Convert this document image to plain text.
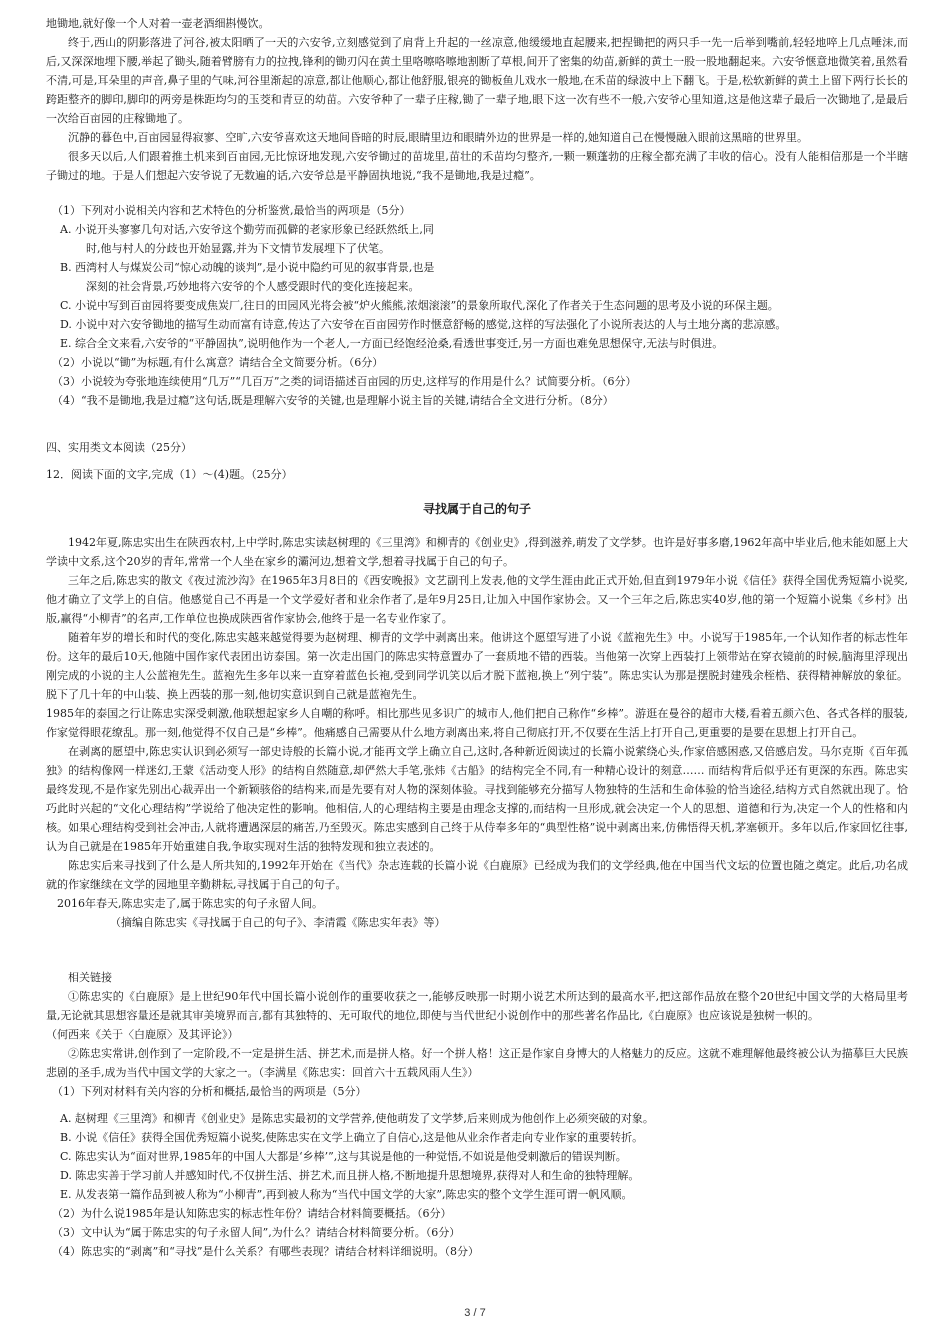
地锄地,就好像一个人对着一壶老酒细斟慢饮。

终于,西山的阴影落进了河谷,被太阳晒了一天的六安爷,立刻感觉到了肩背上升起的一丝凉意,他缓缓地直起腰来,把捏锄把的两只手一先一后举到嘴前,轻轻地啐上几点唾沫,而后,又深深地埋下腰,举起了锄头,随着臂膀有力的拉拽,锋利的锄刃闪在黄土里咯嚓咯嚓地割断了草根,间开了密集的幼苗,新鲜的黄土一股一股地翻起来。六安爷惬意地微笑着,虽然看不清,可是,耳朵里的声音,鼻子里的气味,河谷里渐起的凉意,都让他顺心,都让他舒服,银亮的锄板鱼儿戏水一般地,在禾苗的绿波中上下翻飞。于是,松软新鲜的黄土上留下两行长长的跨距整齐的脚印,脚印的两旁是株距均匀的玉茭和青豆的幼苗。六安爷种了一辈子庄稼,锄了一辈子地,眼下这一次有些不一般,六安爷心里知道,这是他这辈子最后一次锄地了,是最后一次给百亩园的庄稼锄地了。

沉静的暮色中,百亩园显得寂寥、空旷,六安爷喜欢这天地间昏暗的时辰,眼睛里边和眼睛外边的世界是一样的,她知道自己在慢慢融入眼前这黑暗的世界里。

很多天以后,人们跟着推土机来到百亩园,无比惊讶地发现,六安爷锄过的苗垅里,苗壮的禾苗均匀整齐,一颗一颗蓬勃的庄稼全都充满了丰收的信心。没有人能相信那是一个半瞎子锄过的地。于是人们想起六安爷说了无数遍的话,六安爷总是平静固执地说,“我不是锄地,我是过瘾”。

（1）下列对小说相关内容和艺术特色的分析鉴赏,最恰当的两项是（5分）

A. 小说开头寥寥几句对话,六安爷这个勤劳而孤僻的老家形象已经跃然纸上,同

时,他与村人的分歧也开始显露,并为下文情节发展埋下了伏笔。

B. 西湾村人与煤炭公司“惊心动魄的谈判”,是小说中隐约可见的叙事背景,也是

深刻的社会背景,巧妙地将六安爷的个人感受跟时代的变化连接起来。

C. 小说中写到百亩园将要变成焦炭厂,往日的田园风光将会被“炉火熊熊,浓烟滚滚”的景象所取代,深化了作者关于生态问题的思考及小说的环保主题。

D. 小说中对六安爷锄地的描写生动而富有诗意,传达了六安爷在百亩园劳作时惬意舒畅的感觉,这样的写法强化了小说所表达的人与土地分离的悲凉感。

E. 综合全文来看,六安爷的“平静固执”,说明他作为一个老人,一方面已经饱经沧桑,看透世事变迁,另一方面也难免思想保守,无法与时俱进。

（2）小说以“锄”为标题,有什么寓意？请结合全文简要分析。（6分）

（3）小说较为夸张地连续使用“几万”“几百万”之类的词语描述百亩园的历史,这样写的作用是什么？试简要分析。（6分）

（4）“我不是锄地,我是过瘾”这句话,既是理解六安爷的关键,也是理解小说主旨的关键,请结合全文进行分析。（8分）

四、实用类文本阅读（25分）

12．阅读下面的文字,完成（1）～(4)题。（25分）

寻找属于自己的句子

1942年夏,陈忠实出生在陕西农村,上中学时,陈忠实读赵树理的《三里湾》和柳青的《创业史》,得到滋养,萌发了文学梦。也许是好事多磨,1962年高中毕业后,他未能如愿上大学读中文系,这个20岁的青年,常常一个人坐在家乡的灞河边,想着文学,想着寻找属于自己的句子。

三年之后,陈忠实的散文《夜过流沙沟》在1965年3月8日的《西安晚报》文艺副刊上发表,他的文学生涯由此正式开始,但直到1979年小说《信任》获得全国优秀短篇小说奖,他才确立了文学上的自信。他感觉自己不再是一个文学爱好者和业余作者了,是年9月25日,让加入中国作家协会。又一个三年之后,陈忠实40岁,他的第一个短篇小说集《乡村》出版,赢得“小柳青”的名声,工作单位也换成陕西省作家协会,他终于是一名专业作家了。

随着年岁的增长和时代的变化,陈忠实越来越觉得要为赵树理、柳青的文学中剥离出来。他讲这个愿望写进了小说《蓝袍先生》中。小说写于1985年,一个认知作者的标志性年份。这年的最后10天,他随中国作家代表团出访泰国。第一次走出国门的陈忠实特意置办了一套质地不错的西装。当他第一次穿上西装打上领带站在穿衣镜前的时候,脑海里浮现出刚完成的小说的主人公蓝袍先生。蓝袍先生多年以来一直穿着蓝色长袍,受到同学讥笑以后才脱下蓝袍,换上“列宁装”。陈忠实认为那是摆脱封建残余桎梏、获得精神解放的象征。脱下了几十年的中山装、换上西装的那一刻,他切实意识到自己就是蓝袍先生。

1985年的泰国之行让陈忠实深受刺激,他联想起家乡人自嘲的称呼。相比那些见多识广的城市人,他们把自己称作“乡棒”。游逛在曼谷的超市大楼,看着五颜六色、各式各样的服装,作家觉得眼花缭乱。那一刻,他觉得不仅自己是“乡棒”。他痛感自己需要从什么地方剥离出来,将自己彻底打开,不仅要在生活上打开自己,更重要的是要在思想上打开自己。

在剥离的愿望中,陈忠实认识到必须写一部史诗般的长篇小说,才能再文学上确立自己,这时,各种新近阅读过的长篇小说萦绕心头,作家倍感困惑,又倍感启发。马尔克斯《百年孤独》的结构像网一样迷幻,王蒙《活动变人形》的结构自然随意,却俨然大手笔,张炜《古船》的结构完全不同,有一种精心设计的刻意…… 而结构背后似乎还有更深的东西。陈忠实最终发现,不是作家先别出心裁弄出一个新颖骇俗的结构来,而是先要有对人物的深刻体验。寻找到能够充分描写人物独特的生活和生命体验的恰当途径,结构方式自然就出现了。恰巧此时兴起的“文化心理结构”学说给了他决定性的影响。他相信,人的心理结构主要是由理念支撑的,而结构一旦形成,就会决定一个人的思想、道德和行为,决定一个人的性格和内核。如果心理结构受到社会冲击,人就将遭遇深层的痛苦,乃至毁灭。陈忠实感到自己终于从侍奉多年的“典型性格”说中剥离出来,仿佛悟得天机,茅塞顿开。多年以后,作家回忆往事,认为自己就是在1985年开始重建自我,争取实现对生活的独特发现和独立表述的。

陈忠实后来寻找到了什么是人所共知的,1992年开始在《当代》杂志连载的长篇小说《白鹿原》已经成为我们的文学经典,他在中国当代文坛的位置也随之奠定。此后,功名成就的作家继续在文学的园地里辛勤耕耘,寻找属于自己的句子。

2016年春天,陈忠实走了,属于陈忠实的句子永留人间。

（摘编自陈忠实《寻找属于自己的句子》、李清霞《陈忠实年表》等）

相关链接

①陈忠实的《白鹿原》是上世纪90年代中国长篇小说创作的重要收获之一,能够反映那一时期小说艺术所达到的最高水平,把这部作品放在整个20世纪中国文学的大格局里考量,无论就其思想容量还是就其审美境界而言,都有其独特的、无可取代的地位,即使与当代世纪小说创作中的那些著名作品比,《白鹿原》也应该说是独树一帜的。

（何西来《关于〈白鹿原〉及其评论》）

②陈忠实常讲,创作到了一定阶段,不一定是拼生活、拼艺术,而是拼人格。好一个拼人格！这正是作家自身博大的人格魅力的反应。这就不难理解他最终被公认为描摹巨大民族悲剧的圣手,成为当代中国文学的大家之一。（李满星《陈忠实：回首六十五载风雨人生》）

（1）下列对材料有关内容的分析和概括,最恰当的两项是（5分）

A. 赵树理《三里湾》和柳青《创业史》是陈忠实最初的文学营养,使他萌发了文学梦,后来则成为他创作上必须突破的对象。

B. 小说《信任》获得全国优秀短篇小说奖,使陈忠实在文学上确立了自信心,这是他从业余作者走向专业作家的重要转折。

C. 陈忠实认为“面对世界,1985年的中国人大都是‘乡棒’”,这与其说是他的一种觉悟,不如说是他受刺激后的错误判断。

D. 陈忠实善于学习前人并感知时代,不仅拼生活、拼艺术,而且拼人格,不断地提升思想境界,获得对人和生命的独特理解。

E. 从发表第一篇作品到被人称为“小柳青”,再到被人称为“当代中国文学的大家”,陈忠实的整个文学生涯可谓一帆风顺。

（2）为什么说1985年是认知陈忠实的标志性年份？请结合材料简要概括。（6分）

（3）文中认为“属于陈忠实的句子永留人间”,为什么？请结合材料简要分析。（6分）

（4）陈忠实的“剥离”和“寻找”是什么关系？有哪些表现？请结合材料详细说明。（8分）

3 / 7
